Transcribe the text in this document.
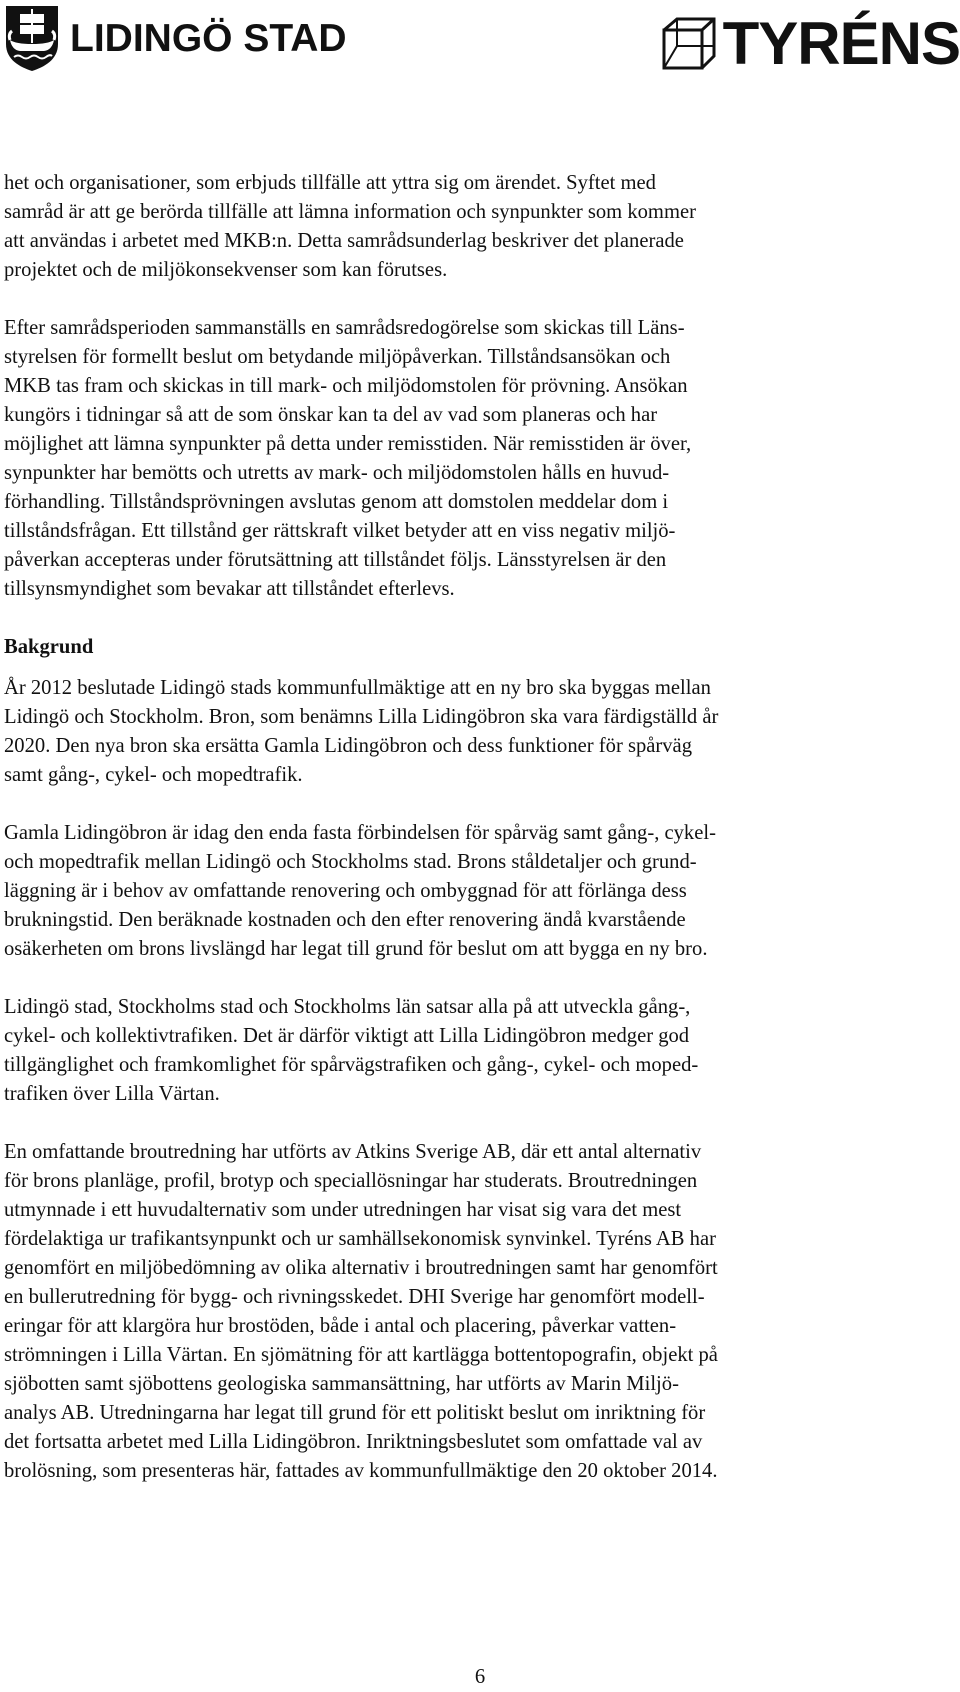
LIDINGÖ STAD	TYRÉNS
het och organisationer, som erbjuds tillfälle att yttra sig om ärendet. Syftet med
samråd är att ge berörda tillfälle att lämna information och synpunkter som kommer
att användas i arbetet med MKB:n. Detta samrådsunderlag beskriver det planerade
projektet och de miljökonsekvenser som kan förutses.
Efter samrådsperioden sammanställs en samrådsredogörelse som skickas till Läns-
styrelsen för formellt beslut om betydande miljöpåverkan. Tillståndsansökan och
MKB tas fram och skickas in till mark- och miljödomstolen för prövning. Ansökan
kungörs i tidningar så att de som önskar kan ta del av vad som planeras och har
möjlighet att lämna synpunkter på detta under remisstiden. När remisstiden är över,
synpunkter har bemötts och utretts av mark- och miljödomstolen hålls en huvud-
förhandling. Tillståndsprövningen avslutas genom att domstolen meddelar dom i
tillståndsfrågan. Ett tillstånd ger rättskraft vilket betyder att en viss negativ miljö-
påverkan accepteras under förutsättning att tillståndet följs. Länsstyrelsen är den
tillsynsmyndighet som bevakar att tillståndet efterlevs.
Bakgrund
År 2012 beslutade Lidingö stads kommunfullmäktige att en ny bro ska byggas mellan
Lidingö och Stockholm. Bron, som benämns Lilla Lidingöbron ska vara färdigställd år
2020. Den nya bron ska ersätta Gamla Lidingöbron och dess funktioner för spårväg
samt gång-, cykel- och mopedtrafik.
Gamla Lidingöbron är idag den enda fasta förbindelsen för spårväg samt gång-, cykel-
och mopedtrafik mellan Lidingö och Stockholms stad. Brons ståldetaljer och grund-
läggning är i behov av omfattande renovering och ombyggnad för att förlänga dess
brukningstid. Den beräknade kostnaden och den efter renovering ändå kvarstående
osäkerheten om brons livslängd har legat till grund för beslut om att bygga en ny bro.
Lidingö stad, Stockholms stad och Stockholms län satsar alla på att utveckla gång-,
cykel- och kollektivtrafiken. Det är därför viktigt att Lilla Lidingöbron medger god
tillgänglighet och framkomlighet för spårvägstrafiken och gång-, cykel- och moped-
trafiken över Lilla Värtan.
En omfattande broutredning har utförts av Atkins Sverige AB, där ett antal alternativ
för brons planläge, profil, brotyp och speciallösningar har studerats. Broutredningen
utmynnade i ett huvudalternativ som under utredningen har visat sig vara det mest
fördelaktiga ur trafikantsynpunkt och ur samhällsekonomisk synvinkel. Tyréns AB har
genomfört en miljöbedömning av olika alternativ i broutredningen samt har genomfört
en bullerutredning för bygg- och rivningsskedet. DHI Sverige har genomfört modell-
eringar för att klargöra hur brostöden, både i antal och placering, påverkar vatten-
strömningen i Lilla Värtan. En sjömätning för att kartlägga bottentopografin, objekt på
sjöbotten samt sjöbottens geologiska sammansättning, har utförts av Marin Miljö-
analys AB. Utredningarna har legat till grund för ett politiskt beslut om inriktning för
det fortsatta arbetet med Lilla Lidingöbron. Inriktningsbeslutet som omfattade val av
brolösning, som presenteras här, fattades av kommunfullmäktige den 20 oktober 2014.
6
